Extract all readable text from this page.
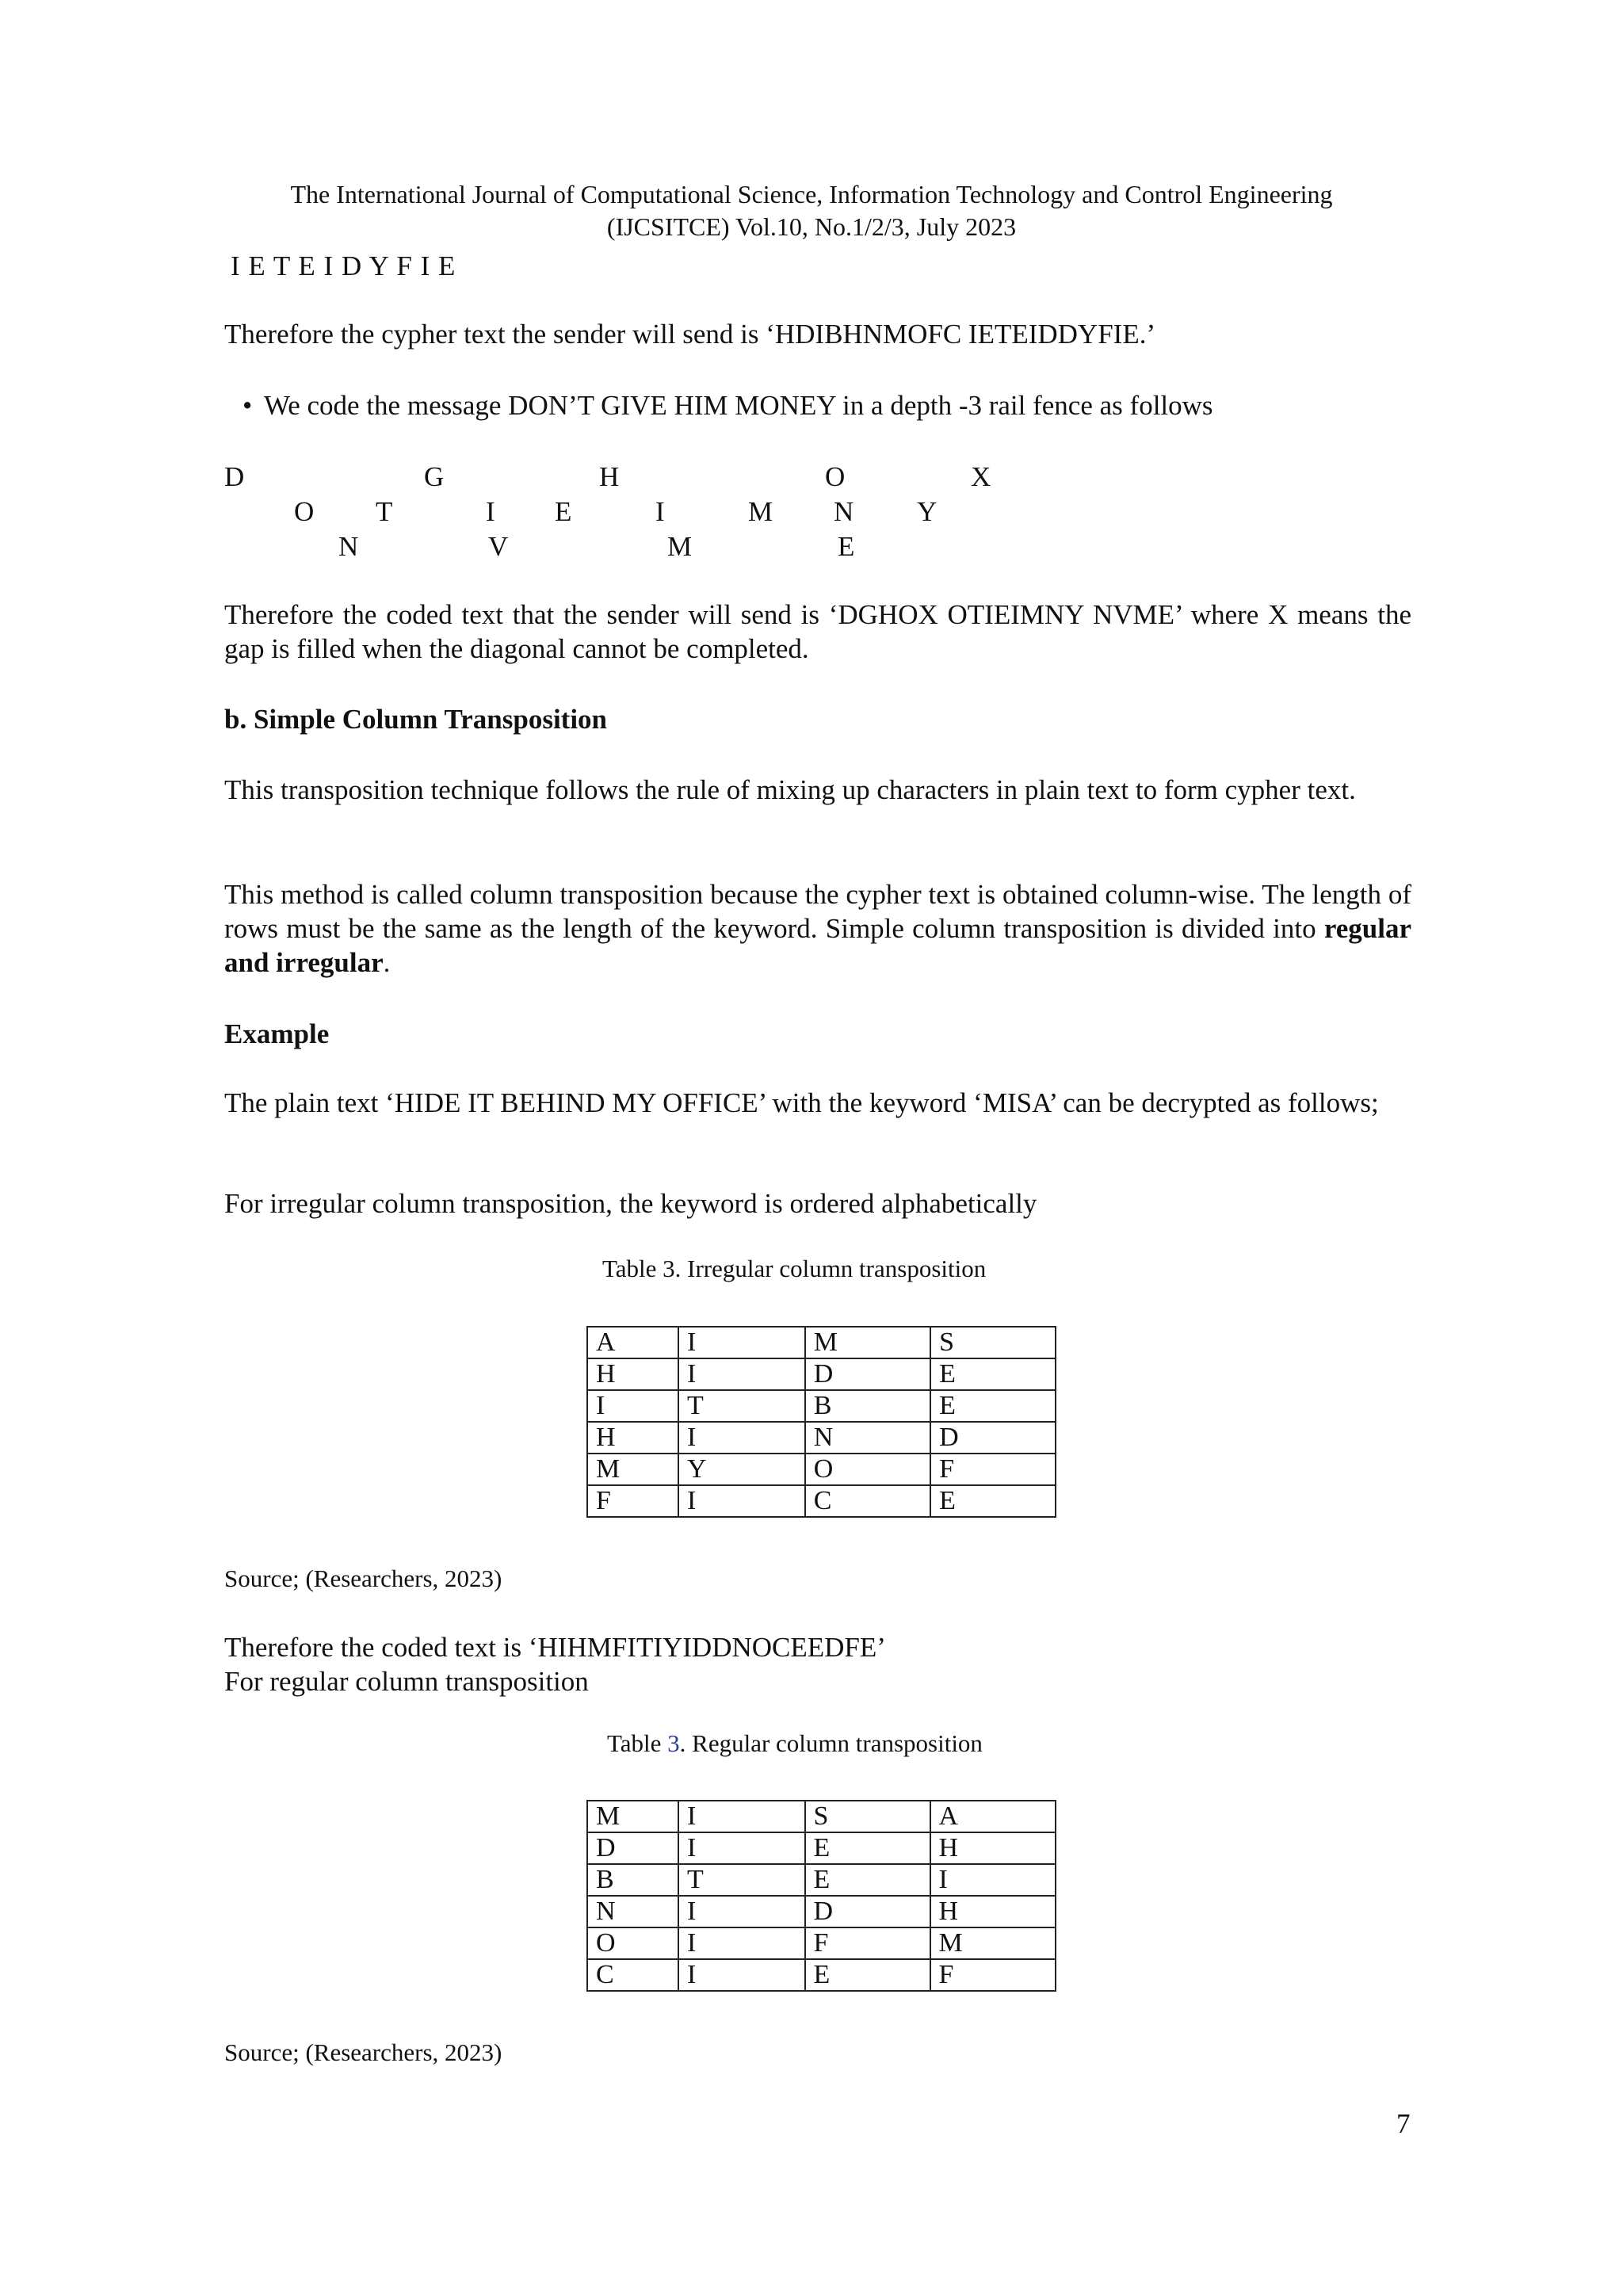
The International Journal of Computational Science, Information Technology and Control Engineering
(IJCSITCE) Vol.10, No.1/2/3, July 2023
I E T E I D Y F I E
Therefore the cypher text the sender will send is ‘HDIBHNMOFC IETEIDDYFIE.’
• We code the message DON’T GIVE HIM MONEY in a depth -3 rail fence as follows
D	G	H	O	X
O T	I E	I	M N Y
N	V	M	E
Therefore the coded text that the sender will send is ‘DGHOX OTIEIMNY NVME’ where X means the gap is filled when the diagonal cannot be completed.
b. Simple Column Transposition
This transposition technique follows the rule of mixing up characters in plain text to form cypher text.
This method is called column transposition because the cypher text is obtained column-wise. The length of rows must be the same as the length of the keyword. Simple column transposition is divided into regular and irregular.
Example
The plain text ‘HIDE IT BEHIND MY OFFICE’ with the keyword ‘MISA’ can be decrypted as follows;
For irregular column transposition, the keyword is ordered alphabetically
Table 3. Irregular column transposition
A	I	M	S
H	I	D	E
I	T	B	E
H	I	N	D
M	Y	O	F
F	I	C	E
Source; (Researchers, 2023)
Therefore the coded text is ‘HIHMFITIYIDDNOCEEDFE’
For regular column transposition
Table 3. Regular column transposition
M	I	S	A
D	I	E	H
B	T	E	I
N	I	D	H
O	I	F	M
C	I	E	F
Source; (Researchers, 2023)
7
